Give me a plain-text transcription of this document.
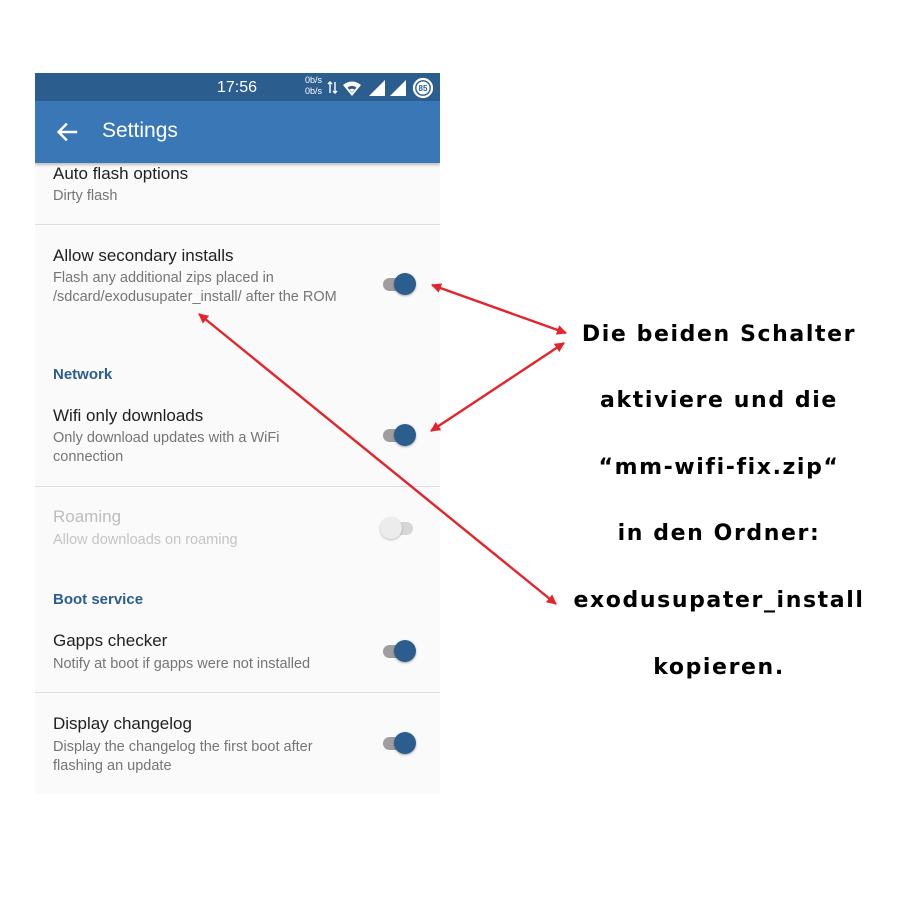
17:56	0b/s
0b/s	85
Settings
Auto flash options
Dirty flash
Allow secondary installs
Flash any additional zips placed in /sdcard/exodusupater_install/ after the ROM
Network
Wifi only downloads
Only download updates with a WiFi connection
Roaming
Allow downloads on roaming
Boot service
Gapps checker
Notify at boot if gapps were not installed
Display changelog
Display the changelog the first boot after flashing an update
Die beiden Schalter
aktiviere und die
“mm-wifi-fix.zip“
in den Ordner:
exodusupater_install
kopieren.
